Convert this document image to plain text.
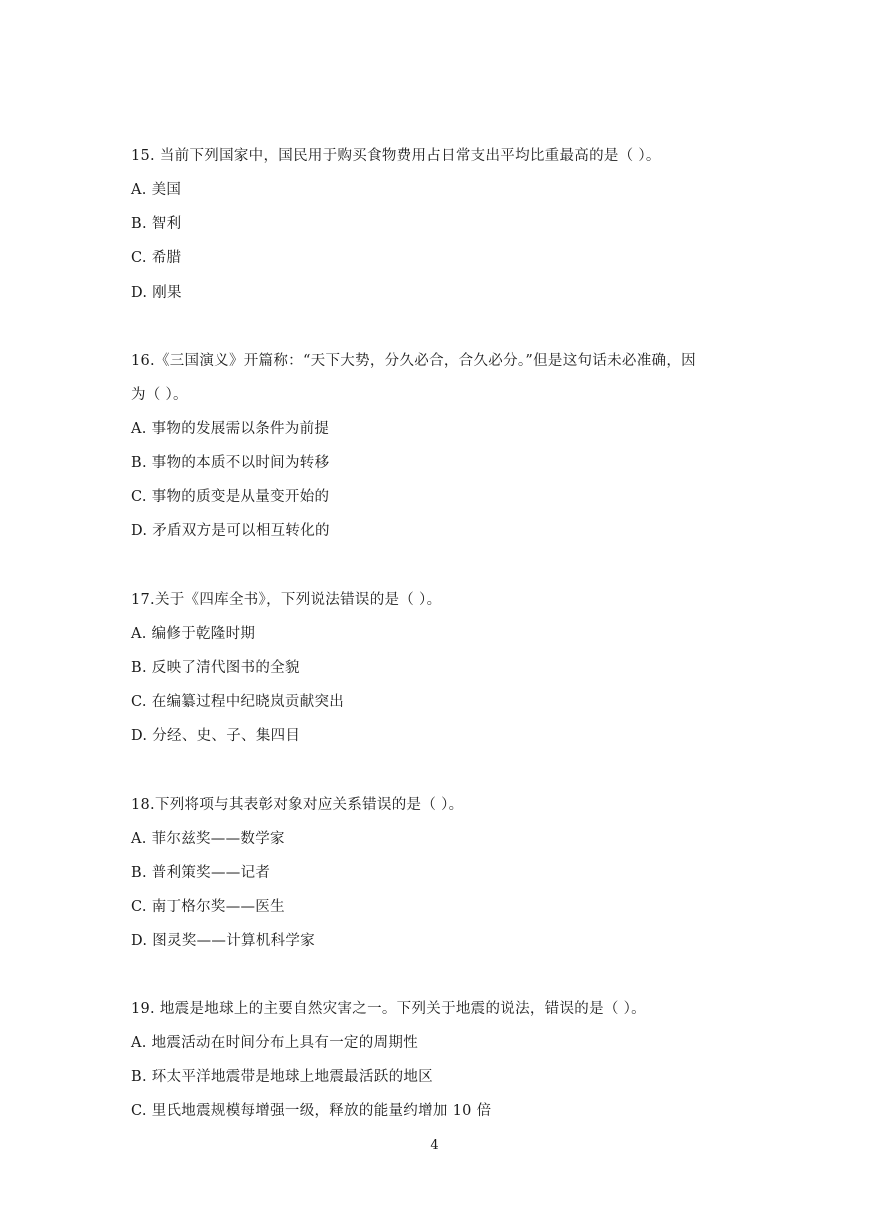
15. 当前下列国家中，国民用于购买食物费用占日常支出平均比重最高的是（ ）。
A. 美国
B. 智利
C. 希腊
D. 刚果
16.《三国演义》开篇称：“天下大势，分久必合，合久必分。”但是这句话未必准确，因
为（ ）。
A. 事物的发展需以条件为前提
B. 事物的本质不以时间为转移
C. 事物的质变是从量变开始的
D. 矛盾双方是可以相互转化的
17.关于《四库全书》，下列说法错误的是（ ）。
A. 编修于乾隆时期
B. 反映了清代图书的全貌
C. 在编纂过程中纪晓岚贡献突出
D. 分经、史、子、集四目
18.下列将项与其表彰对象对应关系错误的是（ ）。
A. 菲尔兹奖——数学家
B. 普利策奖——记者
C. 南丁格尔奖——医生
D. 图灵奖——计算机科学家
19. 地震是地球上的主要自然灾害之一。下列关于地震的说法，错误的是（ ）。
A. 地震活动在时间分布上具有一定的周期性
B. 环太平洋地震带是地球上地震最活跃的地区
C. 里氏地震规模每增强一级，释放的能量约增加 10 倍
4
